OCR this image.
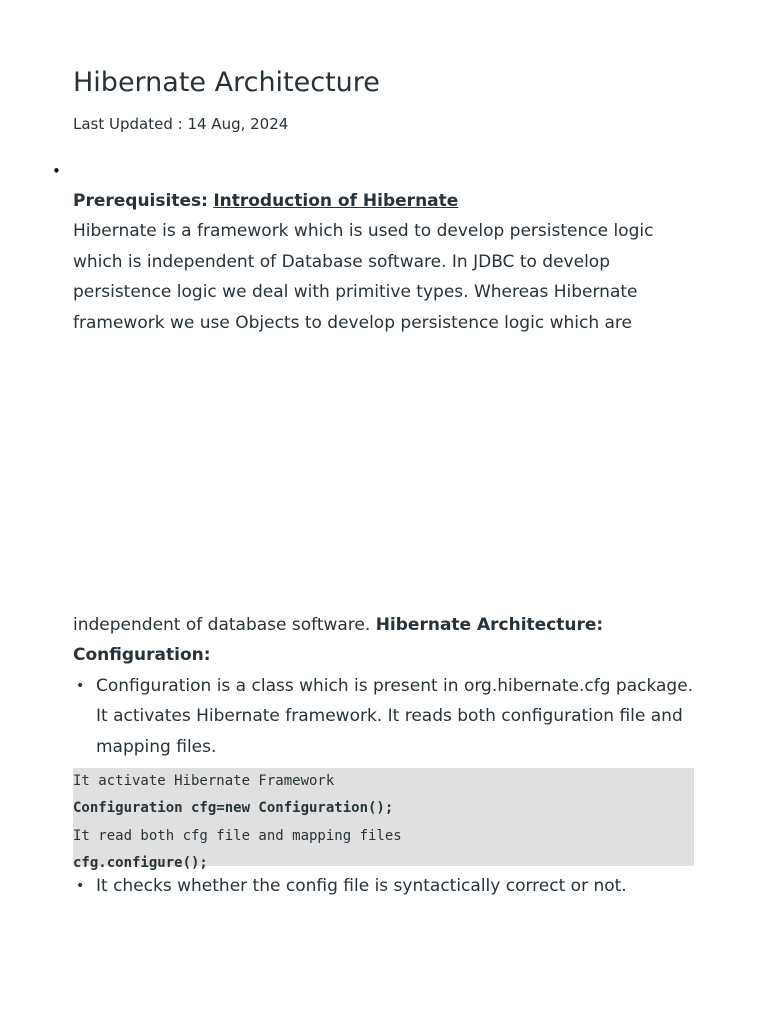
Hibernate Architecture
Last Updated : 14 Aug, 2024
•

Prerequisites: Introduction of Hibernate

Hibernate is a framework which is used to develop persistence logic which is independent of Database software. In JDBC to develop persistence logic we deal with primitive types. Whereas Hibernate framework we use Objects to develop persistence logic which are

independent of database software. Hibernate Architecture:

Configuration:

• Configuration is a class which is present in org.hibernate.cfg package. It activates Hibernate framework. It reads both configuration file and mapping files.
It activate Hibernate Framework
Configuration cfg=new Configuration();
It read both cfg file and mapping files
cfg.configure();
• It checks whether the config file is syntactically correct or not.
